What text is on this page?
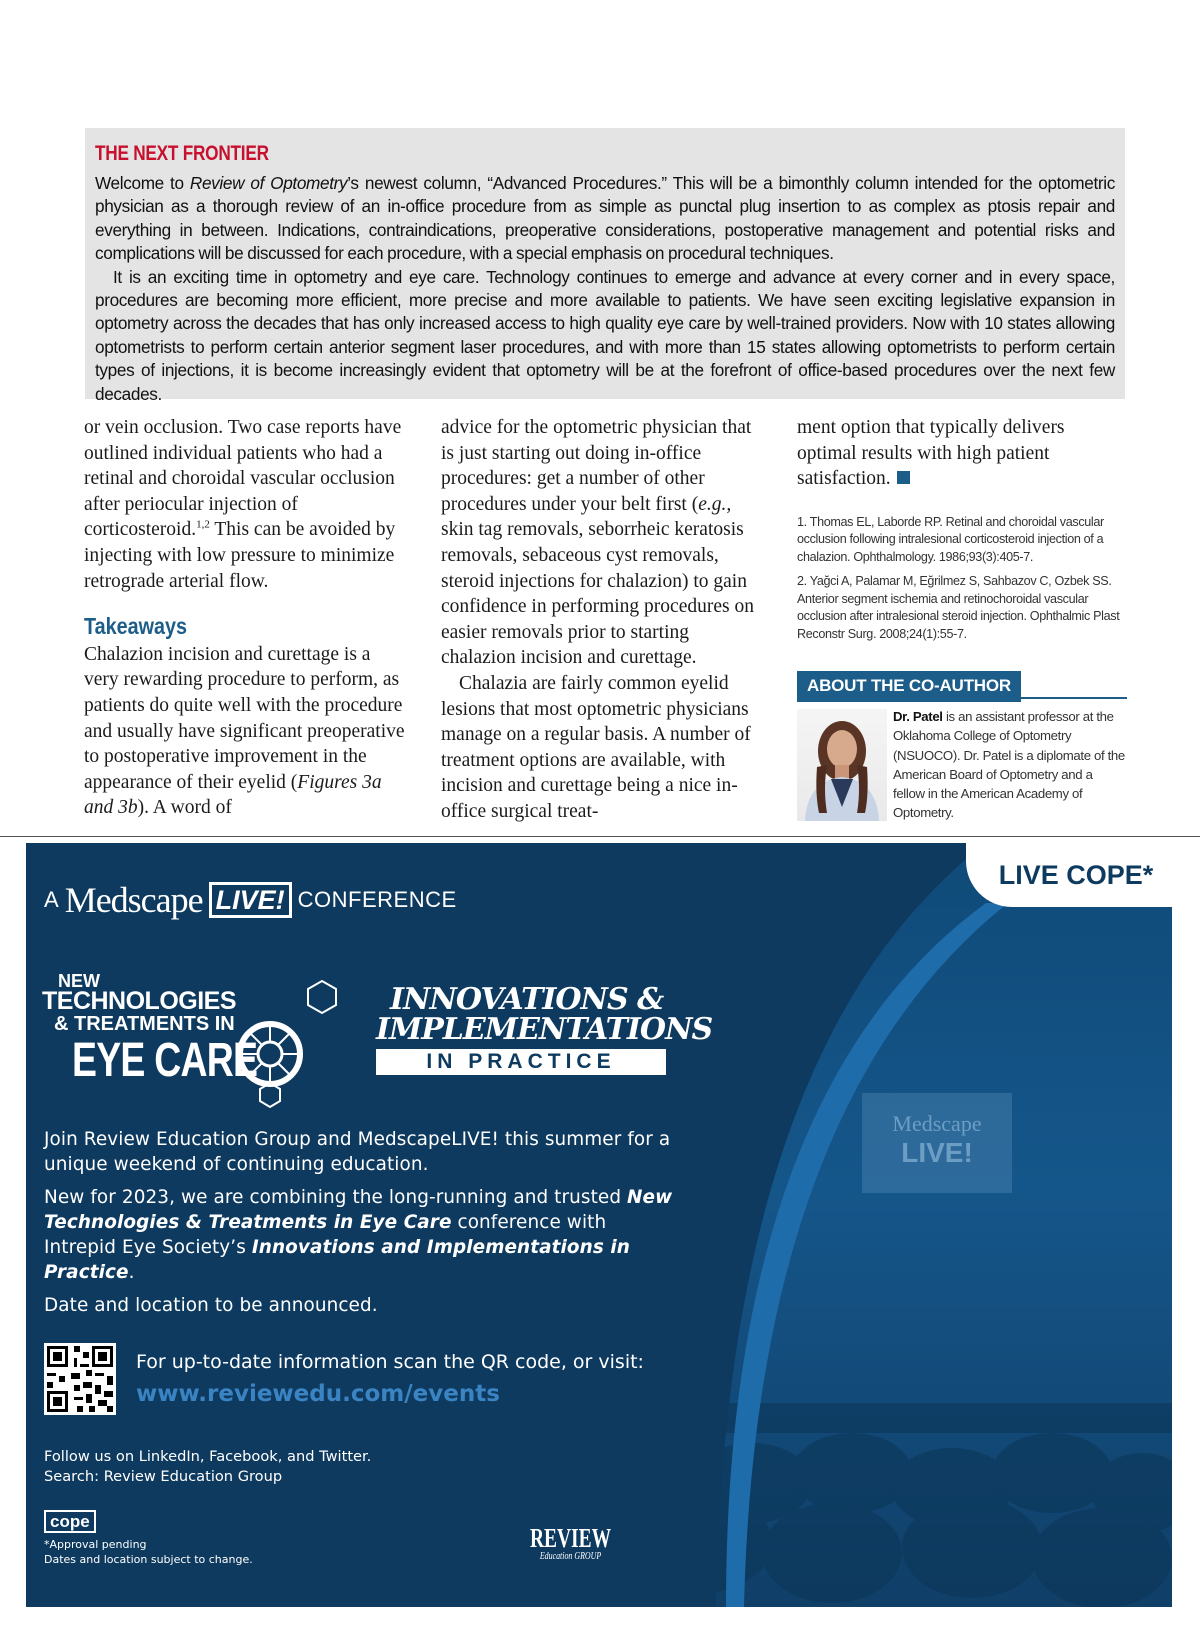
THE NEXT FRONTIER

Welcome to Review of Optometry’s newest column, “Advanced Procedures.” This will be a bimonthly column intended for the optometric physician as a thorough review of an in-office procedure from as simple as punctal plug insertion to as complex as ptosis repair and everything in between. Indications, contraindications, preoperative considerations, postoperative management and potential risks and complications will be discussed for each procedure, with a special emphasis on procedural techniques.

It is an exciting time in optometry and eye care. Technology continues to emerge and advance at every corner and in every space, procedures are becoming more efficient, more precise and more available to patients. We have seen exciting legislative expansion in optometry across the decades that has only increased access to high quality eye care by well-trained providers. Now with 10 states allowing optometrists to perform certain anterior segment laser procedures, and with more than 15 states allowing optometrists to perform certain types of injections, it is become increasingly evident that optometry will be at the forefront of office-based procedures over the next few decades.

or vein occlusion. Two case reports have outlined individual patients who had a retinal and choroidal vascular occlusion after periocular injection of corticosteroid.$^{1,2}$ This can be avoided by injecting with low pressure to minimize retrograde arterial flow.

Takeaways

Chalazion incision and curettage is a very rewarding procedure to perform, as patients do quite well with the procedure and usually have significant preoperative to postoperative improvement in the appearance of their eyelid (Figures 3a and 3b). A word of

advice for the optometric physician that is just starting out doing in-office procedures: get a number of other procedures under your belt first (e.g., skin tag removals, seborrheic keratosis removals, sebaceous cyst removals, steroid injections for chalazion) to gain confidence in performing procedures on easier removals prior to starting chalazion incision and curettage.

Chalazia are fairly common eyelid lesions that most optometric physicians manage on a regular basis. A number of treatment options are available, with incision and curettage being a nice in-office surgical treat-

ment option that typically delivers optimal results with high patient satisfaction.

1. Thomas EL, Laborde RP. Retinal and choroidal vascular occlusion following intralesional corticosteroid injection of a chalazion. Ophthalmology. 1986;93(3):405-7.

2. Yağci A, Palamar M, Eğrilmez S, Sahbazov C, Ozbek SS. Anterior segment ischemia and retinochoroidal vascular occlusion after intralesional steroid injection. Ophthalmic Plast Reconstr Surg. 2008;24(1):55-7.

ABOUT THE CO-AUTHOR
Dr. Patel is an assistant professor at the Oklahoma College of Optometry (NSUOCO). Dr. Patel is a diplomate of the American Board of Optometry and a fellow in the American Academy of Optometry.
Medscape
LIVE!
LIVE COPE*
A Medscape LIVE! CONFERENCE
NEW
TECHNOLOGIES
& TREATMENTS IN
EYE CARE
INNOVATIONS &
IMPLEMENTATIONS
IN PRACTICE

Join Review Education Group and MedscapeLIVE! this summer for a unique weekend of continuing education.

New for 2023, we are combining the long-running and trusted New Technologies & Treatments in Eye Care conference with Intrepid Eye Society’s Innovations and Implementations in Practice.

Date and location to be announced.

For up-to-date information scan the QR code, or visit:
www.reviewedu.com/events
Follow us on LinkedIn, Facebook, and Twitter.
Search: Review Education Group
cope
*Approval pending
Dates and location subject to change.
REVIEW
Education GROUP
